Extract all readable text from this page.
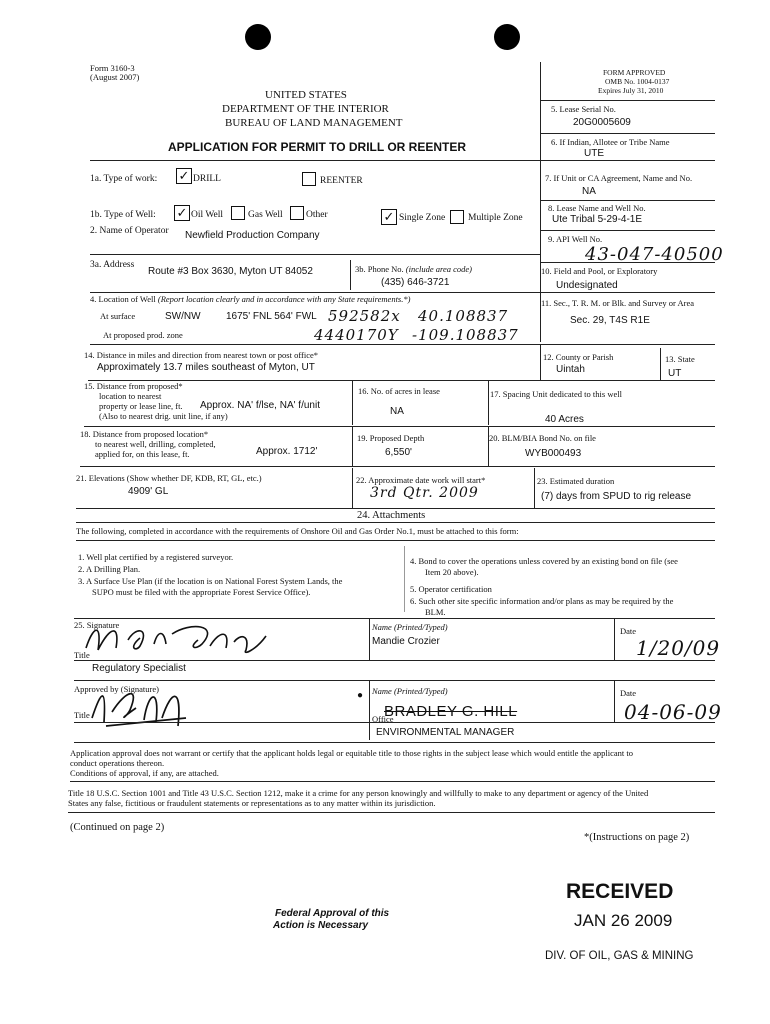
Form 3160-3
(August 2007)
UNITED STATES
DEPARTMENT OF THE INTERIOR
BUREAU OF LAND MANAGEMENT
APPLICATION FOR PERMIT TO DRILL OR REENTER
FORM APPROVED
OMB No. 1004-0137
Expires July 31, 2010
5. Lease Serial No.
20G0005609
6. If Indian, Allotee or Tribe Name
UTE
1a. Type of work: ✓ DRILL	REENTER	7. If Unit or CA Agreement, Name and No.
NA
1b. Type of Well: ✓ Oil Well	Gas Well Other	✓ Single Zone Multiple Zone
8. Lease Name and Well No.
Ute Tribal 5-29-4-1E
2. Name of Operator Newfield Production Company	9. API Well No.
43-047-40500
3a. Address
Route #3 Box 3630, Myton UT 84052	3b. Phone No. (include area code)
(435) 646-3721
10. Field and Pool, or Exploratory
Undesignated
4. Location of Well (Report location clearly and in accordance with any State requirements.*)
At surface	SW/NW	1675' FNL 564' FWL 592582x 40.108837
At proposed prod. zone	4440170Y -109.108837
11. Sec., T. R. M. or Blk. and Survey or Area
Sec. 29, T4S R1E
14. Distance in miles and direction from nearest town or post office*
Approximately 13.7 miles southeast of Myton, UT
12. County or Parish
Uintah
13. State
UT
15. Distance from proposed*
location to nearest
property or lease line, ft.
(Also to nearest drig. unit line, if any)
Approx. NA' f/lse, NA' f/unit
16. No. of acres in lease
NA
17. Spacing Unit dedicated to this well
40 Acres
18. Distance from proposed location*
to nearest well, drilling, completed,
applied for, on this lease, ft.	Approx. 1712'
19. Proposed Depth
6,550'
20. BLM/BIA Bond No. on file
WYB000493
21. Elevations (Show whether DF, KDB, RT, GL, etc.)
4909' GL
22. Approximate date work will start*
3rd Qtr. 2009
23. Estimated duration
(7) days from SPUD to rig release
24. Attachments
The following, completed in accordance with the requirements of Onshore Oil and Gas Order No.1, must be attached to this form:
1. Well plat certified by a registered surveyor.
2. A Drilling Plan.
3. A Surface Use Plan (if the location is on National Forest System Lands, the
SUPO must be filed with the appropriate Forest Service Office).
4. Bond to cover the operations unless covered by an existing bond on file (see
Item 20 above).
5. Operator certification
6. Such other site specific information and/or plans as may be required by the
BLM.
25. Signature	Name (Printed/Typed)
Mandie Crozier
Date
1/20/09
Title
Regulatory Specialist
Approved by (Signature)
● Name (Printed/Typed)
BRADLEY G. HILL
Date
04-06-09
Title	Office
ENVIRONMENTAL MANAGER
Application approval does not warrant or certify that the applicant holds legal or equitable title to those rights in the subject lease which would entitle the applicant to
conduct operations thereon.
Conditions of approval, if any, are attached.
Title 18 U.S.C. Section 1001 and Title 43 U.S.C. Section 1212, make it a crime for any person knowingly and willfully to make to any department or agency of the United
States any false, fictitious or fraudulent statements or representations as to any matter within its jurisdiction.
(Continued on page 2)
*(Instructions on page 2)
Federal Approval of this
Action is Necessary
RECEIVED
JAN 26 2009
DIV. OF OIL, GAS & MINING
